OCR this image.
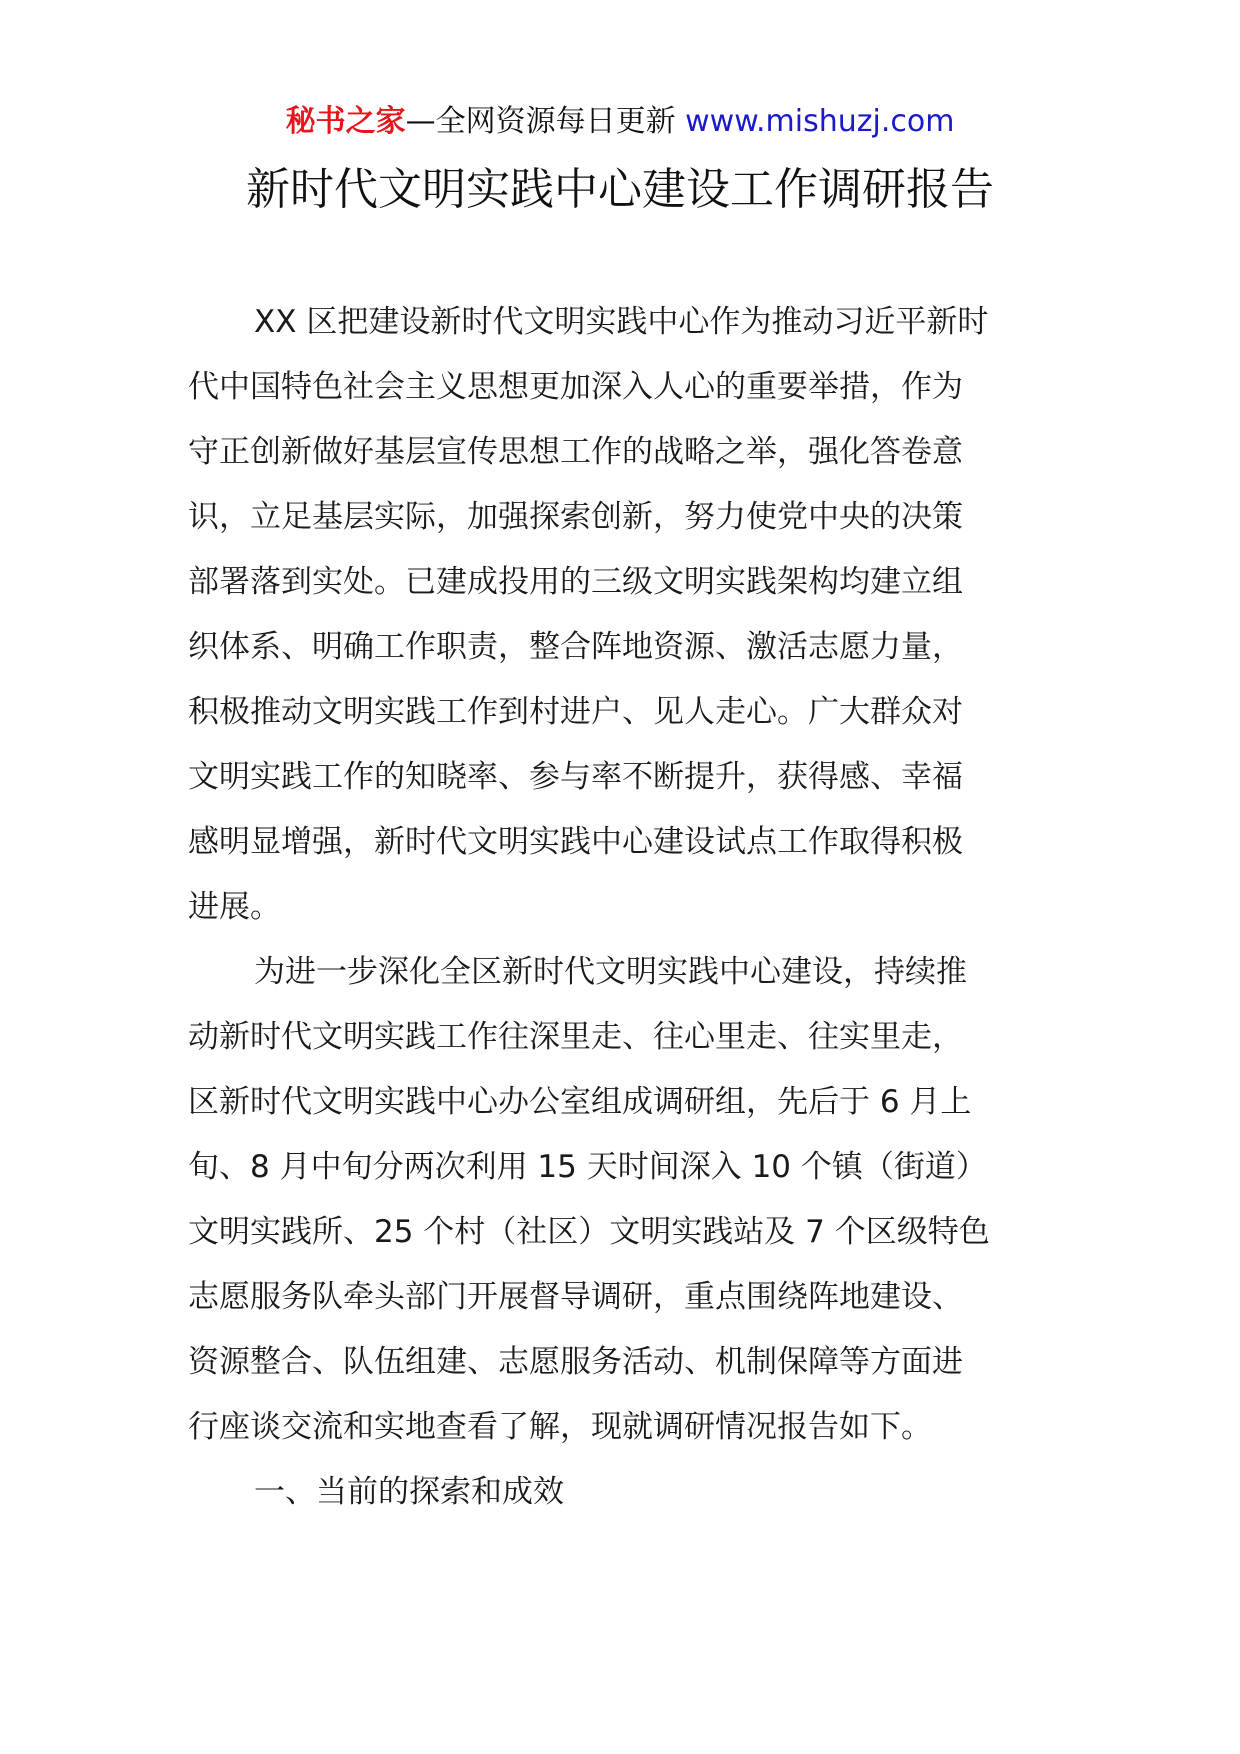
秘书之家—全网资源每日更新 www.mishuzj.com
新时代文明实践中心建设工作调研报告
XX 区把建设新时代文明实践中心作为推动习近平新时
代中国特色社会主义思想更加深入人心的重要举措，作为
守正创新做好基层宣传思想工作的战略之举，强化答卷意
识，立足基层实际，加强探索创新，努力使党中央的决策
部署落到实处。已建成投用的三级文明实践架构均建立组
织体系、明确工作职责，整合阵地资源、激活志愿力量，
积极推动文明实践工作到村进户、见人走心。广大群众对
文明实践工作的知晓率、参与率不断提升，获得感、幸福
感明显增强，新时代文明实践中心建设试点工作取得积极
进展。
为进一步深化全区新时代文明实践中心建设，持续推
动新时代文明实践工作往深里走、往心里走、往实里走，
区新时代文明实践中心办公室组成调研组，先后于 6 月上
旬、8 月中旬分两次利用 15 天时间深入 10 个镇（街道）
文明实践所、25 个村（社区）文明实践站及 7 个区级特色
志愿服务队牵头部门开展督导调研，重点围绕阵地建设、
资源整合、队伍组建、志愿服务活动、机制保障等方面进
行座谈交流和实地查看了解，现就调研情况报告如下。
一、当前的探索和成效
